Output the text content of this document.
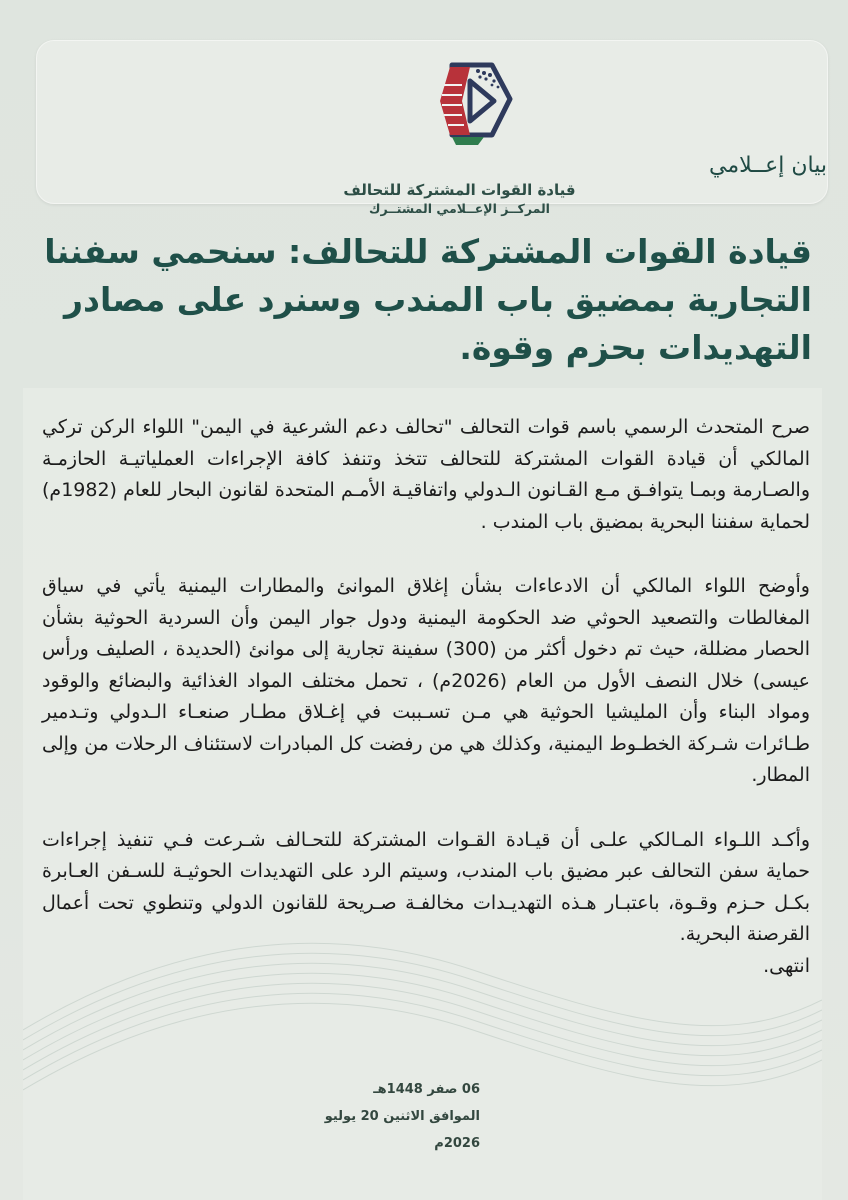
قيادة القوات المشتركة للتحالف
المركــز الإعــلامي المشتــرك
بيان إعــلامي
قيادة القوات المشتركة للتحالف: سنحمي سفننا التجارية بمضيق باب المندب وسنرد على مصادر التهديدات بحزم وقوة.

صرح المتحدث الرسمي باسم قوات التحالف "تحالف دعم الشرعية في اليمن" اللواء الركن تركي المالكي أن قيادة القوات المشتركة للتحالف تتخذ وتنفذ كافة الإجراءات العملياتيـة الحازمـة والصـارمة وبمـا يتوافـق مـع القـانون الـدولي واتفاقيـة الأمـم المتحدة لقانون البحار للعام (1982م) لحماية سفننا البحرية بمضيق باب المندب .

وأوضح اللواء المالكي أن الادعاءات بشأن إغلاق الموانئ والمطارات اليمنية يأتي في سياق المغالطات والتصعيد الحوثي ضد الحكومة اليمنية ودول جوار اليمن وأن السردية الحوثية بشأن الحصار مضللة، حيث تم دخول أكثر من (300) سفينة تجارية إلى موانئ (الحديدة ، الصليف ورأس عيسى) خلال النصف الأول من العام (2026م) ، تحمل مختلف المواد الغذائية والبضائع والوقود ومواد البناء وأن المليشيا الحوثية هي مـن تسـببت في إغـلاق مطـار صنعـاء الـدولي وتـدمير طـائرات شـركة الخطـوط اليمنية، وكذلك هي من رفضت كل المبادرات لاستئناف الرحلات من وإلى المطار.

وأكـد اللـواء المـالكي علـى أن قيـادة القـوات المشتركة للتحـالف شـرعت فـي تنفيذ إجراءات حماية سفن التحالف عبر مضيق باب المندب، وسيتم الرد على التهديدات الحوثيـة للسـفن العـابرة بكـل حـزم وقـوة، باعتبـار هـذه التهديـدات مخالفـة صـريحة للقانون الدولي وتنطوي تحت أعمال القرصنة البحرية.

انتهى.

06 صفر 1448هـ
الموافق الاثنين 20 يوليو 2026م
